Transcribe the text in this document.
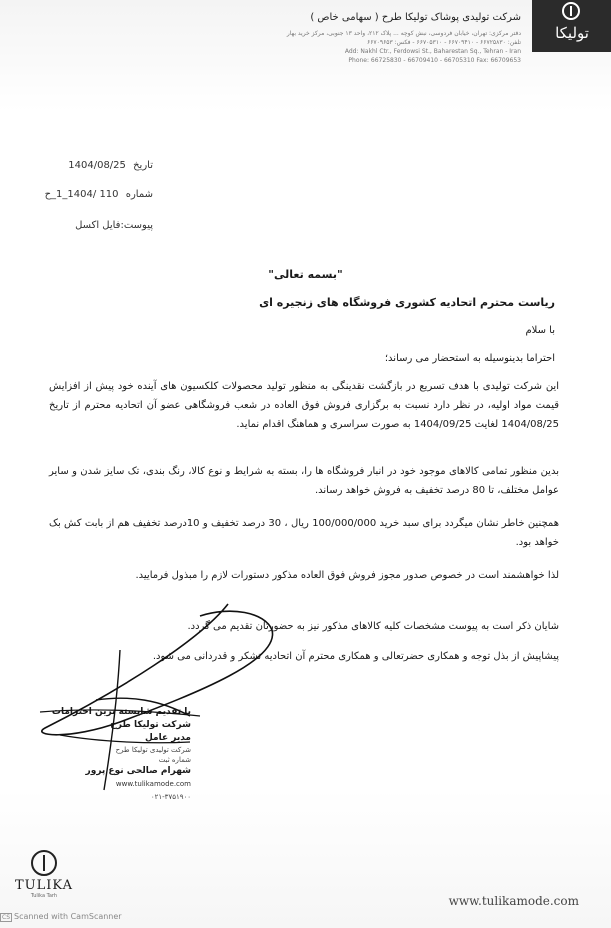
تولیکا
شرکت تولیدی پوشاک تولیکا طرح ( سهامی خاص )
دفتر مرکزی: تهران، خیابان فردوسی، نبش کوچه ... پلاک ۲۱۲، واحد ۱۳ جنوبی، مرکز خرید بهار
تلفن: ۶۶۷۲۵۸۳۰ - ۶۶۷۰۹۴۱۰ - ۶۶۷۰۵۳۱۰ - فکس: ۶۶۷۰۹۶۵۳
Add: Nakhl Ctr., Ferdowsi St., Baharestan Sq., Tehran - Iran
Phone: 66725830 - 66709410 - 66705310 Fax: 66709653
تاریخ 1404/08/25
شماره 110 /1404_1_ح
پیوست:فایل اکسل
"بسمه تعالی"
ریاست محترم اتحادیه کشوری فروشگاه های زنجیره ای
با سلام
احتراما بدینوسیله به استحضار می رساند؛
این شرکت تولیدی با هدف تسریع در بازگشت نقدینگی به منظور تولید محصولات کلکسیون های آینده خود پیش از افزایش قیمت مواد اولیه، در نظر دارد نسبت به برگزاری فروش فوق العاده در شعب فروشگاهی عضو آن اتحادیه محترم از تاریخ 1404/08/25 لغایت 1404/09/25 به صورت سراسری و هماهنگ اقدام نماید.
بدین منظور تمامی کالاهای موجود خود در انبار فروشگاه ها را، بسته به شرایط و نوع کالا، رنگ بندی، تک سایز شدن و سایر عوامل مختلف، تا 80 درصد تخفیف به فروش خواهد رساند.
همچنین خاطر نشان میگردد برای سبد خرید 100/000/000 ریال ، 30 درصد تخفیف و 10درصد تخفیف هم از بابت کش بک خواهد بود.
لذا خواهشمند است در خصوص صدور مجوز فروش فوق العاده مذکور دستورات لازم را مبذول فرمایید.
شایان ذکر است به پیوست مشخصات کلیه کالاهای مذکور نیز به حضورتان تقدیم می گردد.
پیشاپیش از بذل توجه و همکاری حضرتعالی و همکاری محترم آن اتحادیه تشکر و قدردانی می شود.
با تقدیم شایسته ترین احترامات
شرکت تولیکا طرح
مدیر عامل
شرکت تولیدی تولیکا طرح
شماره ثبت
شهرام صالحی نوع پرور
www.tulikamode.com
۰۲۱-۳۷۵۱۹۰۰
TULIKA
Tulika Tarh	www.tulikamode.com
CS Scanned with CamScanner
